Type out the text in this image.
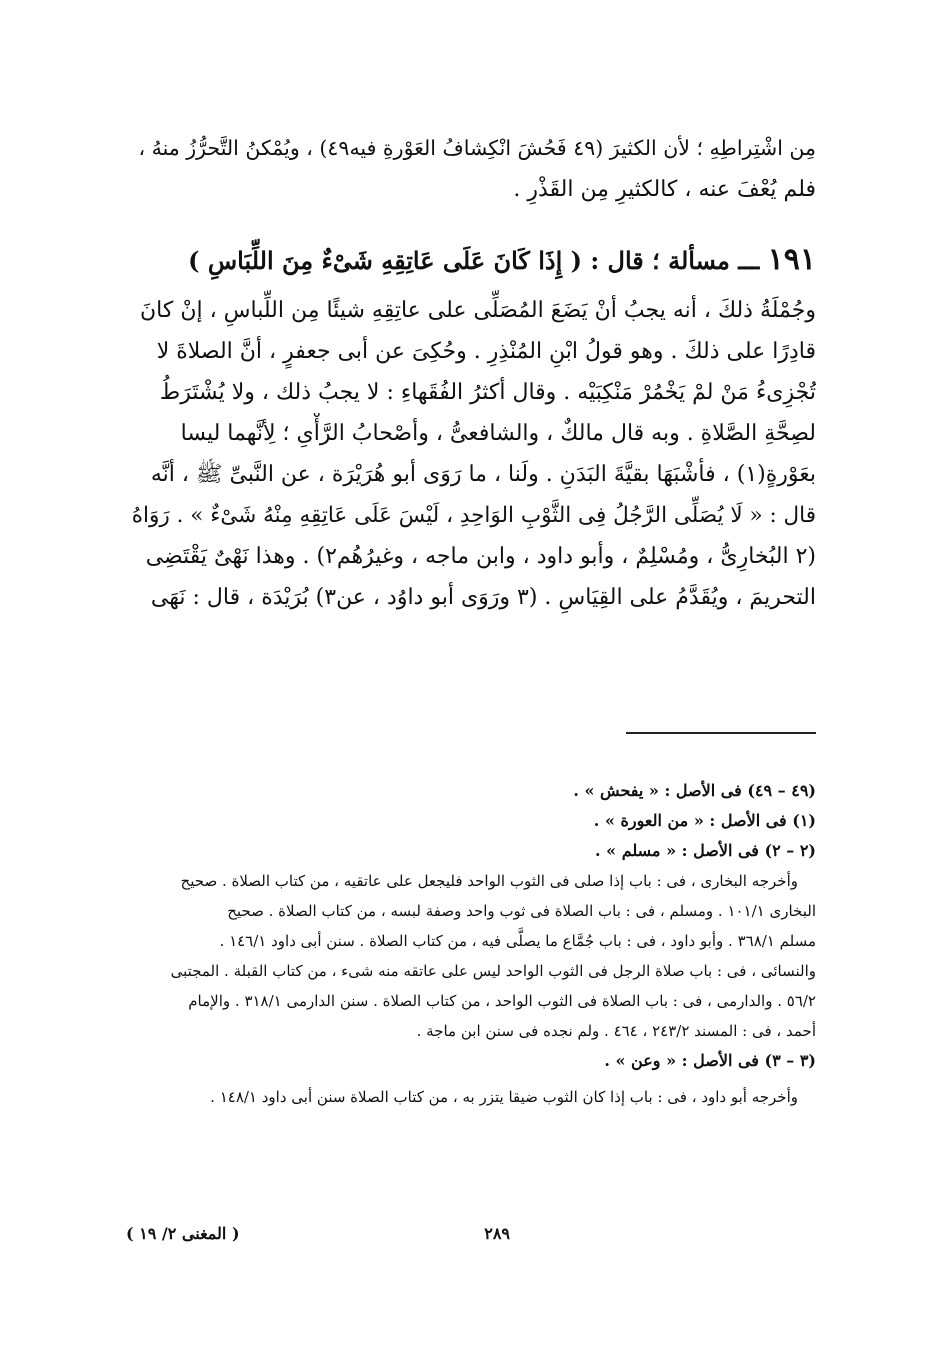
مِن اشْتِراطِهِ ؛ لأن الكثيرَ (٤٩ فَحُشَ انْكِشافُ العَوْرةِ فيه٤٩) ، ويُمْكنُ التَّحرُّزُ منهُ ،
فلم يُعْفَ عنه ، كالكثيرِ مِن القَذْرِ .
١٩١ ـــ مسألة ؛ قال : ( إِذَا كَانَ عَلَى عَاتِقِهِ شَىْءٌ مِنَ اللِّبَاسِ )
وجُمْلَةُ ذلكَ ، أنه يجبُ أنْ يَضَعَ المُصَلِّى على عاتِقِهِ شيئًا مِن اللِّباسِ ، إنْ كانَ
قادِرًا على ذلكَ . وهو قولُ ابْنِ المُنْذِرِ . وحُكِىَ عن أبى جعفرٍ ، أنَّ الصلاةَ لا
تُجْزِىءُ مَنْ لمْ يَخْمُرْ مَنْكِبَيْه . وقال أكثرُ الفُقَهاءِ : لا يجبُ ذلك ، ولا يُشْتَرَطُ
لصِحَّةِ الصَّلاةِ . وبه قال مالكٌ ، والشافعىُّ ، وأصْحابُ الرَّأْىِ ؛ لِأنَّهما ليسا
بعَوْرةٍ(١) ، فأشْبَهَا بقيَّةَ البَدَنِ . ولَنا ، ما رَوَى أبو هُرَيْرَة ، عن النَّبىِّ ﷺ ، أنَّه
قال : « لَا يُصَلِّى الرَّجُلُ فِى الثَّوْبِ الوَاحِدِ ، لَيْسَ عَلَى عَاتِقِهِ مِنْهُ شَىْءٌ » . رَوَاهُ
(٢ البُخارِىُّ ، ومُسْلِمٌ ، وأبو داود ، وابن ماجه ، وغيرُهُم٢) . وهذا نَهْىٌ يَقْتَضِى
التحريمَ ، ويُقَدَّمُ على القِيَاسِ . (٣ ورَوَى أبو داوُد ، عن٣) بُرَيْدَة ، قال : نَهَى
(٤٩ – ٤٩) فى الأصل : « يفحش » .
(١) فى الأصل : « من العورة » .
(٢ – ٢) فى الأصل : « مسلم » .
وأخرجه البخارى ، فى : باب إذا صلى فى الثوب الواحد فليجعل على عاتقيه ، من كتاب الصلاة . صحيح
البخارى ١٠١/١ . ومسلم ، فى : باب الصلاة فى ثوب واحد وصفة لبسه ، من كتاب الصلاة . صحيح
مسلم ٣٦٨/١ . وأبو داود ، فى : باب جُمَّاع ما يصلَّى فيه ، من كتاب الصلاة . سنن أبى داود ١٤٦/١ .
والنسائى ، فى : باب صلاة الرجل فى الثوب الواحد ليس على عاتقه منه شىء ، من كتاب القبلة . المجتبى
٥٦/٢ . والدارمى ، فى : باب الصلاة فى الثوب الواحد ، من كتاب الصلاة . سنن الدارمى ٣١٨/١ . والإمام
أحمد ، فى : المسند ٢٤٣/٢ ، ٤٦٤ . ولم نجده فى سنن ابن ماجة .
(٣ – ٣) فى الأصل : « وعن » .
وأخرجه أبو داود ، فى : باب إذا كان الثوب ضيقا يتزر به ، من كتاب الصلاة سنن أبى داود ١٤٨/١ .
٢٨٩
( المغنى ٢/ ١٩ )
